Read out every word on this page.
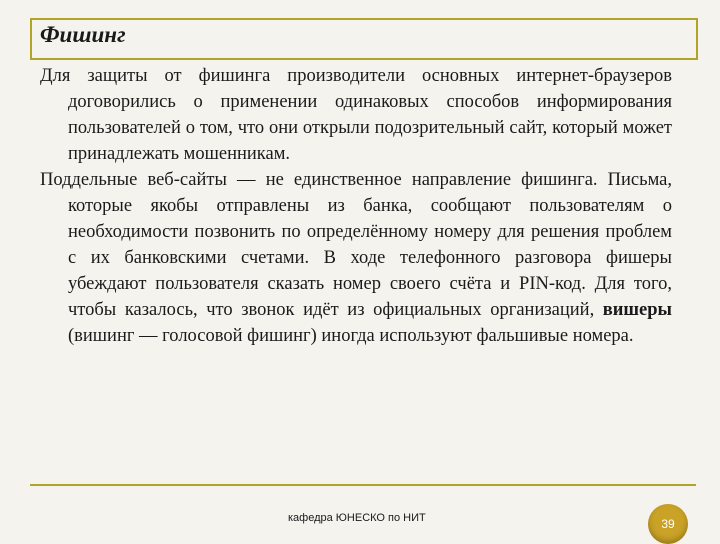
Фишинг

Для защиты от фишинга производители основных интернет-браузеров договорились о применении одинаковых способов информирования пользователей о том, что они открыли подозрительный сайт, который может принадлежать мошенникам.

Поддельные веб-сайты — не единственное направление фишинга. Письма, которые якобы отправлены из банка, сообщают пользователям о необходимости позвонить по определённому номеру для решения проблем с их банковскими счетами. В ходе телефонного разговора фишеры убеждают пользователя сказать номер своего счёта и PIN-код. Для того, чтобы казалось, что звонок идёт из официальных организаций, вишеры (вишинг — голосовой фишинг) иногда используют фальшивые номера.

кафедра ЮНЕСКО по НИТ	39
